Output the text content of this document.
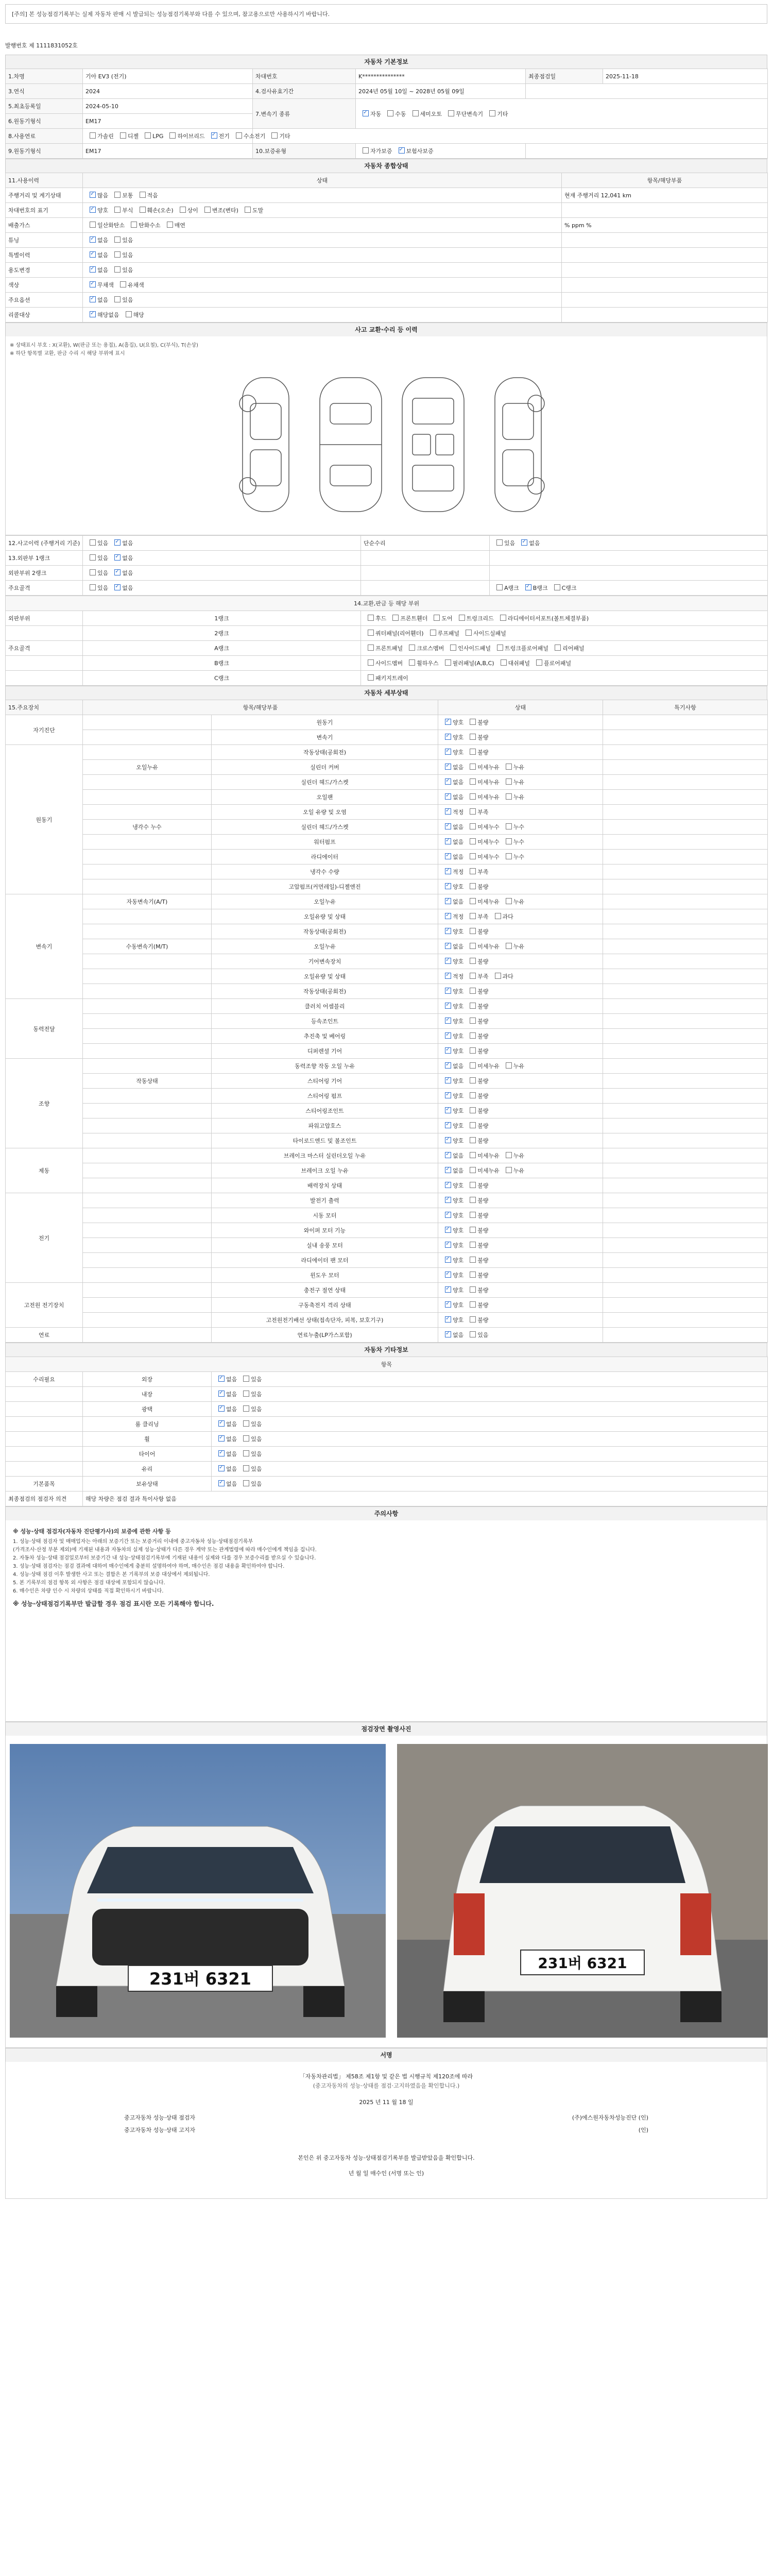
[주의] 본 성능점검기록부는 실제 자동차 판매 시 발급되는 성능점검기록부와 다를 수 있으며, 참고용으로만 사용하시기 바랍니다.
발행번호 제 1111831052호
자동차 기본정보
1.차명	기아 EV3 (전기)	차대번호	K***************	최종점검일	2025-11-18
3.연식	2024	4.검사유효기간	2024년 05월 10일 ~ 2028년 05월 09일		
5.최초등록일	2024-05-10	7.변속기 종류	✓자동 수동 세미오토 무단변속기 기타
6.원동기형식	EM17				
8.사용연료	가솔린 디젤 LPG 하이브리드 ✓ 전기 수소전기 기타	
9.원동기형식	EM17	10.보증유형	자가보증 ✓ 보험사보증	
자동차 종합상태
11.사용이력	상태	항목/해당부품
주행거리 및 계기상태	✓많음 보통 적음	현재 주행거리 12,041 km
차대번호의 표기	✓양호 부식 훼손(오손) 상이 변조(변타) 도말	
배출가스	일산화탄소 탄화수소 매연	% ppm %
튜닝	✓없음 있음	
특별이력	✓없음 있음	
용도변경	✓없음 있음	
색상	✓무채색 유채색	
주요옵션	✓없음 있음	
리콜대상	✓해당없음 해당	
사고 교환·수리 등 이력
※ 상태표시 부호 : X(교환), W(판금 또는 용접), A(흠집), U(요철), C(부식), T(손상)
※ 하단 항목별 교환, 판금 수리 시 해당 부위에 표시
12.사고이력 (주행거리 기준)	있음 ✓ 없음	단순수리	있음 ✓ 없음
13.외판부 1랭크	있음 ✓ 없음		
외판부위 2랭크	있음 ✓ 없음		
주요골격	있음 ✓ 없음		A랭크 ✓ B랭크 C랭크
14.교환,판금 등 해당 부위		
외판부위	1랭크	후드 프론트휀더 도어 트렁크리드 라디에이터서포트(볼트체결부품)
	2랭크	쿼터패널(리어휀더) 루프패널 사이드실패널
주요골격	A랭크	프론트패널 크로스멤버 인사이드패널 트렁크플로어패널 리어패널
	B랭크	사이드멤버 휠하우스 필러패널(A,B,C) 대쉬패널 플로어패널
	C랭크	패키지트레이
자동차 세부상태
15.주요장치	항목/해당부품		상태	특기사항
자기진단		원동기	✓양호 불량	
		변속기	✓양호 불량	
원동기		작동상태(공회전)	✓양호 불량	
	오일누유	실린더 커버	✓없음 미세누유 누유	
		실린더 헤드/가스켓	✓없음 미세누유 누유	
		오일팬	✓없음 미세누유 누유	
		오일 유량 및 오염	✓적정 부족	
	냉각수 누수	실린더 헤드/가스켓	✓없음 미세누수 누수	
		워터펌프	✓없음 미세누수 누수	
		라디에이터	✓없음 미세누수 누수	
		냉각수 수량	✓적정 부족	
		고압펌프(커먼레일)-디젤엔진	✓양호 불량	
변속기	자동변속기(A/T)	오일누유	✓없음 미세누유 누유	
		오일유량 및 상태	✓적정 부족 과다	
		작동상태(공회전)	✓양호 불량	
	수동변속기(M/T)	오일누유	✓없음 미세누유 누유	
		기어변속장치	✓양호 불량	
		오일유량 및 상태	✓적정 부족 과다	
		작동상태(공회전)	✓양호 불량	
동력전달		클러치 어셈블리	✓양호 불량	
		등속조인트	✓양호 불량	
		추진축 및 베어링	✓양호 불량	
		디퍼렌셜 기어	✓양호 불량	
조향		동력조향 작동 오일 누유	✓없음 미세누유 누유	
	작동상태	스티어링 기어	✓양호 불량	
		스티어링 펌프	✓양호 불량	
		스티어링조인트	✓양호 불량	
		파워고압호스	✓양호 불량	
		타이로드엔드 및 볼조인트	✓양호 불량	
제동		브레이크 마스터 실린더오일 누유	✓없음 미세누유 누유	
		브레이크 오일 누유	✓없음 미세누유 누유	
		배력장치 상태	✓양호 불량	
전기		발전기 출력	✓양호 불량	
		시동 모터	✓양호 불량	
		와이퍼 모터 기능	✓양호 불량	
		실내 송풍 모터	✓양호 불량	
		라디에이터 팬 모터	✓양호 불량	
		윈도우 모터	✓양호 불량	
고전원 전기장치		충전구 절연 상태	✓양호 불량	
		구동축전지 격리 상태	✓양호 불량	
		고전원전기배선 상태(접속단자, 피복, 보호기구)	✓양호 불량	
연료		연료누출(LP가스포함)	✓없음 있음	
자동차 기타정보
항목		
수리필요	외장	✓없음 있음
	내장	✓없음 있음
	광택	✓없음 있음
	룸 클리닝	✓없음 있음
	휠	✓없음 있음
	타이어	✓없음 있음
	유리	✓없음 있음
기본품목	보유상태	✓없음 있음
최종점검의 점검자 의견	해당 차량은 점검 결과 특이사항 없음	
주의사항
※ 성능·상태 점검자(자동차 진단평가사)의 보증에 관한 사항 등
1. 성능·상태 점검자 및 매매업자는 아래의 보증기간 또는 보증거리 이내에 중고자동차 성능·상태점검기록부
(가격조사·산정 부분 제외)에 기재된 내용과 자동차의 실제 성능·상태가 다른 경우 계약 또는 관계법령에 따라 매수인에게 책임을 집니다.
2. 자동차 성능·상태 점검일로부터 보증기간 내 성능·상태점검기록부에 기재된 내용이 실제와 다를 경우 보증수리를 받으실 수 있습니다.
3. 성능·상태 점검자는 점검 결과에 대하여 매수인에게 충분히 설명하여야 하며, 매수인은 점검 내용을 확인하여야 합니다.
4. 성능·상태 점검 이후 발생한 사고 또는 결함은 본 기록부의 보증 대상에서 제외됩니다.
5. 본 기록부의 점검 항목 외 사항은 점검 대상에 포함되지 않습니다.
6. 매수인은 차량 인수 시 차량의 상태를 직접 확인하시기 바랍니다.
※ 성능·상태점검기록부만 발급할 경우 점검 표시란 모든 기록해야 합니다.
점검장면 촬영사진
231버 6321
231버 6321
서명
「자동차관리법」 제58조 제1항 및 같은 법 시행규칙 제120조에 따라
(중고자동차의 성능·상태를 점검·고지하였음을 확인합니다.)
2025 년 11 월 18 일
중고자동차 성능·상태 점검자	(주)에스원자동차성능진단 (인)
중고자동차 성능·상태 고지자	(인)
본인은 위 중고자동차 성능·상태점검기록부를 발급받았음을 확인합니다.
년 월 일 매수인 (서명 또는 인)
